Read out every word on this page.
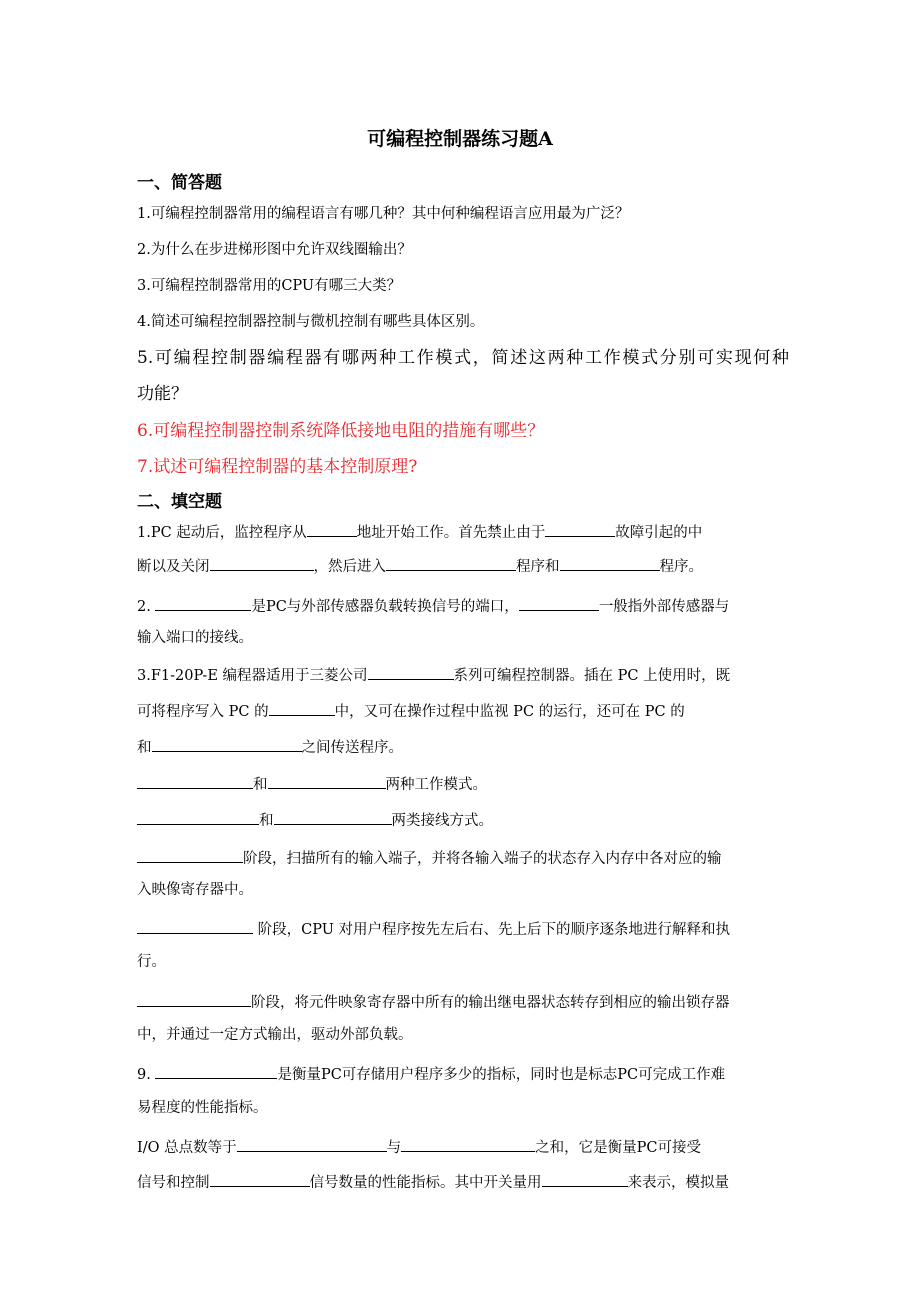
可编程控制器练习题A
一、简答题
1.可编程控制器常用的编程语言有哪几种？其中何种编程语言应用最为广泛？
2.为什么在步进梯形图中允许双线圈输出？
3.可编程控制器常用的CPU有哪三大类？
4.简述可编程控制器控制与微机控制有哪些具体区别。
5.可编程控制器编程器有哪两种工作模式，简述这两种工作模式分别可实现何种
功能？
6.可编程控制器控制系统降低接地电阻的措施有哪些？
7.试述可编程控制器的基本控制原理?
二、填空题
1.PC 起动后，监控程序从	地址开始工作。首先禁止由于	故障引起的中
断以及关闭	，然后进入	程序和	程序。
2.	是PC与外部传感器负载转换信号的端口，	一般指外部传感器与
输入端口的接线。
3.F1-20P-E 编程器适用于三菱公司	系列可编程控制器。插在 PC 上使用时，既
可将程序写入 PC 的	中，又可在操作过程中监视 PC 的运行，还可在 PC 的
和	之间传送程序。
和	两种工作模式。
和	两类接线方式。
阶段，扫描所有的输入端子，并将各输入端子的状态存入内存中各对应的输
入映像寄存器中。
阶段，CPU 对用户程序按先左后右、先上后下的顺序逐条地进行解释和执
行。
阶段，将元件映象寄存器中所有的输出继电器状态转存到相应的输出锁存器
中，并通过一定方式输出，驱动外部负载。
9.	是衡量PC可存储用户程序多少的指标，同时也是标志PC可完成工作难
易程度的性能指标。
I/O 总点数等于	与	之和，它是衡量PC可接受
信号和控制	信号数量的性能指标。其中开关量用	来表示，模拟量
